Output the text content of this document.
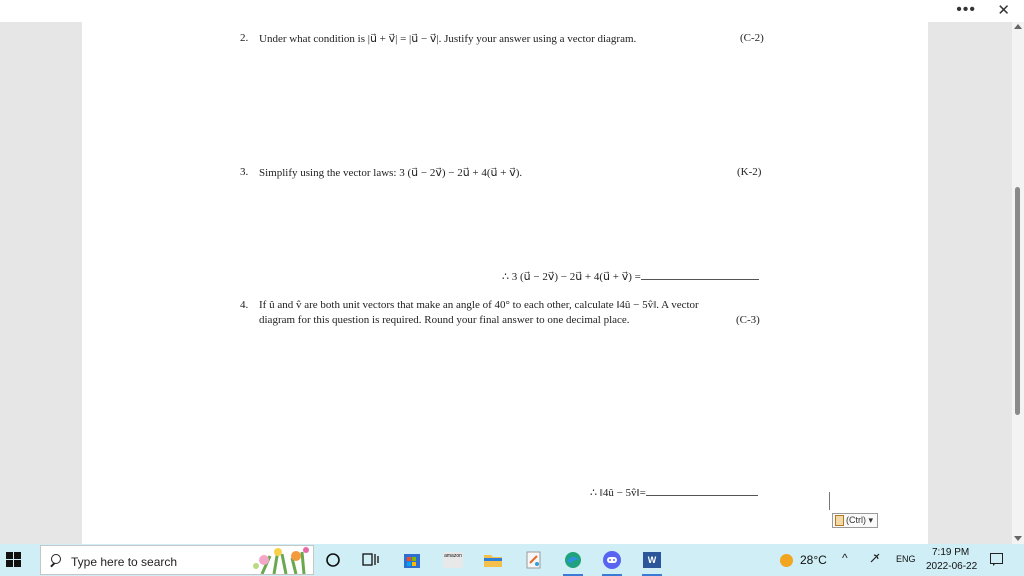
••• ✕
2. Under what condition is |u⃗ + v⃗| = |u⃗ − v⃗|. Justify your answer using a vector diagram.	(C-2)
3. Simplify using the vector laws: 3 (u⃗ − 2v⃗) − 2u⃗ + 4(u⃗ + v⃗).	(K-2)
∴ 3 (u⃗ − 2v⃗) − 2u⃗ + 4(u⃗ + v⃗) =
4. If û and v̂ are both unit vectors that make an angle of 40° to each other, calculate ‖4û − 5v̂‖. A vector
diagram for this question is required. Round your final answer to one decimal place.	(C-3)
∴ ‖4û − 5v̂‖=
(Ctrl) ▾
Type here to search	amazon	W	28°C ^	ENG
7:19 PM
2022-06-22
